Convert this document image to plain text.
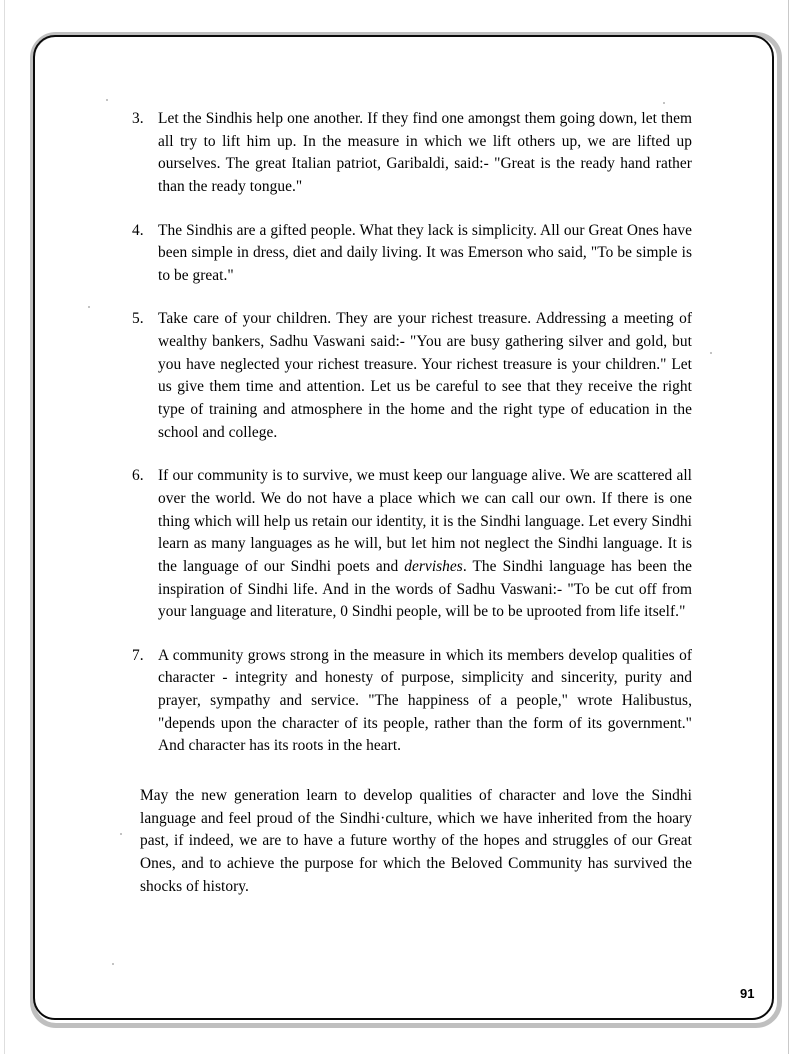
3. Let the Sindhis help one another. If they find one amongst them going down, let them all try to lift him up. In the measure in which we lift others up, we are lifted up ourselves. The great Italian patriot, Garibaldi, said:- "Great is the ready hand rather than the ready tongue."
4. The Sindhis are a gifted people. What they lack is simplicity. All our Great Ones have been simple in dress, diet and daily living. It was Emerson who said, "To be simple is to be great."
5. Take care of your children. They are your richest treasure. Addressing a meeting of wealthy bankers, Sadhu Vaswani said:- "You are busy gathering silver and gold, but you have neglected your richest treasure. Your richest treasure is your children." Let us give them time and attention. Let us be careful to see that they receive the right type of training and atmosphere in the home and the right type of education in the school and college.
6. If our community is to survive, we must keep our language alive. We are scattered all over the world. We do not have a place which we can call our own. If there is one thing which will help us retain our identity, it is the Sindhi language. Let every Sindhi learn as many languages as he will, but let him not neglect the Sindhi language. It is the language of our Sindhi poets and dervishes. The Sindhi language has been the inspiration of Sindhi life. And in the words of Sadhu Vaswani:- "To be cut off from your language and literature, 0 Sindhi people, will be to be uprooted from life itself."
7. A community grows strong in the measure in which its members develop qualities of character - integrity and honesty of purpose, simplicity and sincerity, purity and prayer, sympathy and service. "The happiness of a people," wrote Halibustus, "depends upon the character of its people, rather than the form of its government." And character has its roots in the heart.

May the new generation learn to develop qualities of character and love the Sindhi language and feel proud of the Sindhi·culture, which we have inherited from the hoary past, if indeed, we are to have a future worthy of the hopes and struggles of our Great Ones, and to achieve the purpose for which the Beloved Community has survived the shocks of history.

91
